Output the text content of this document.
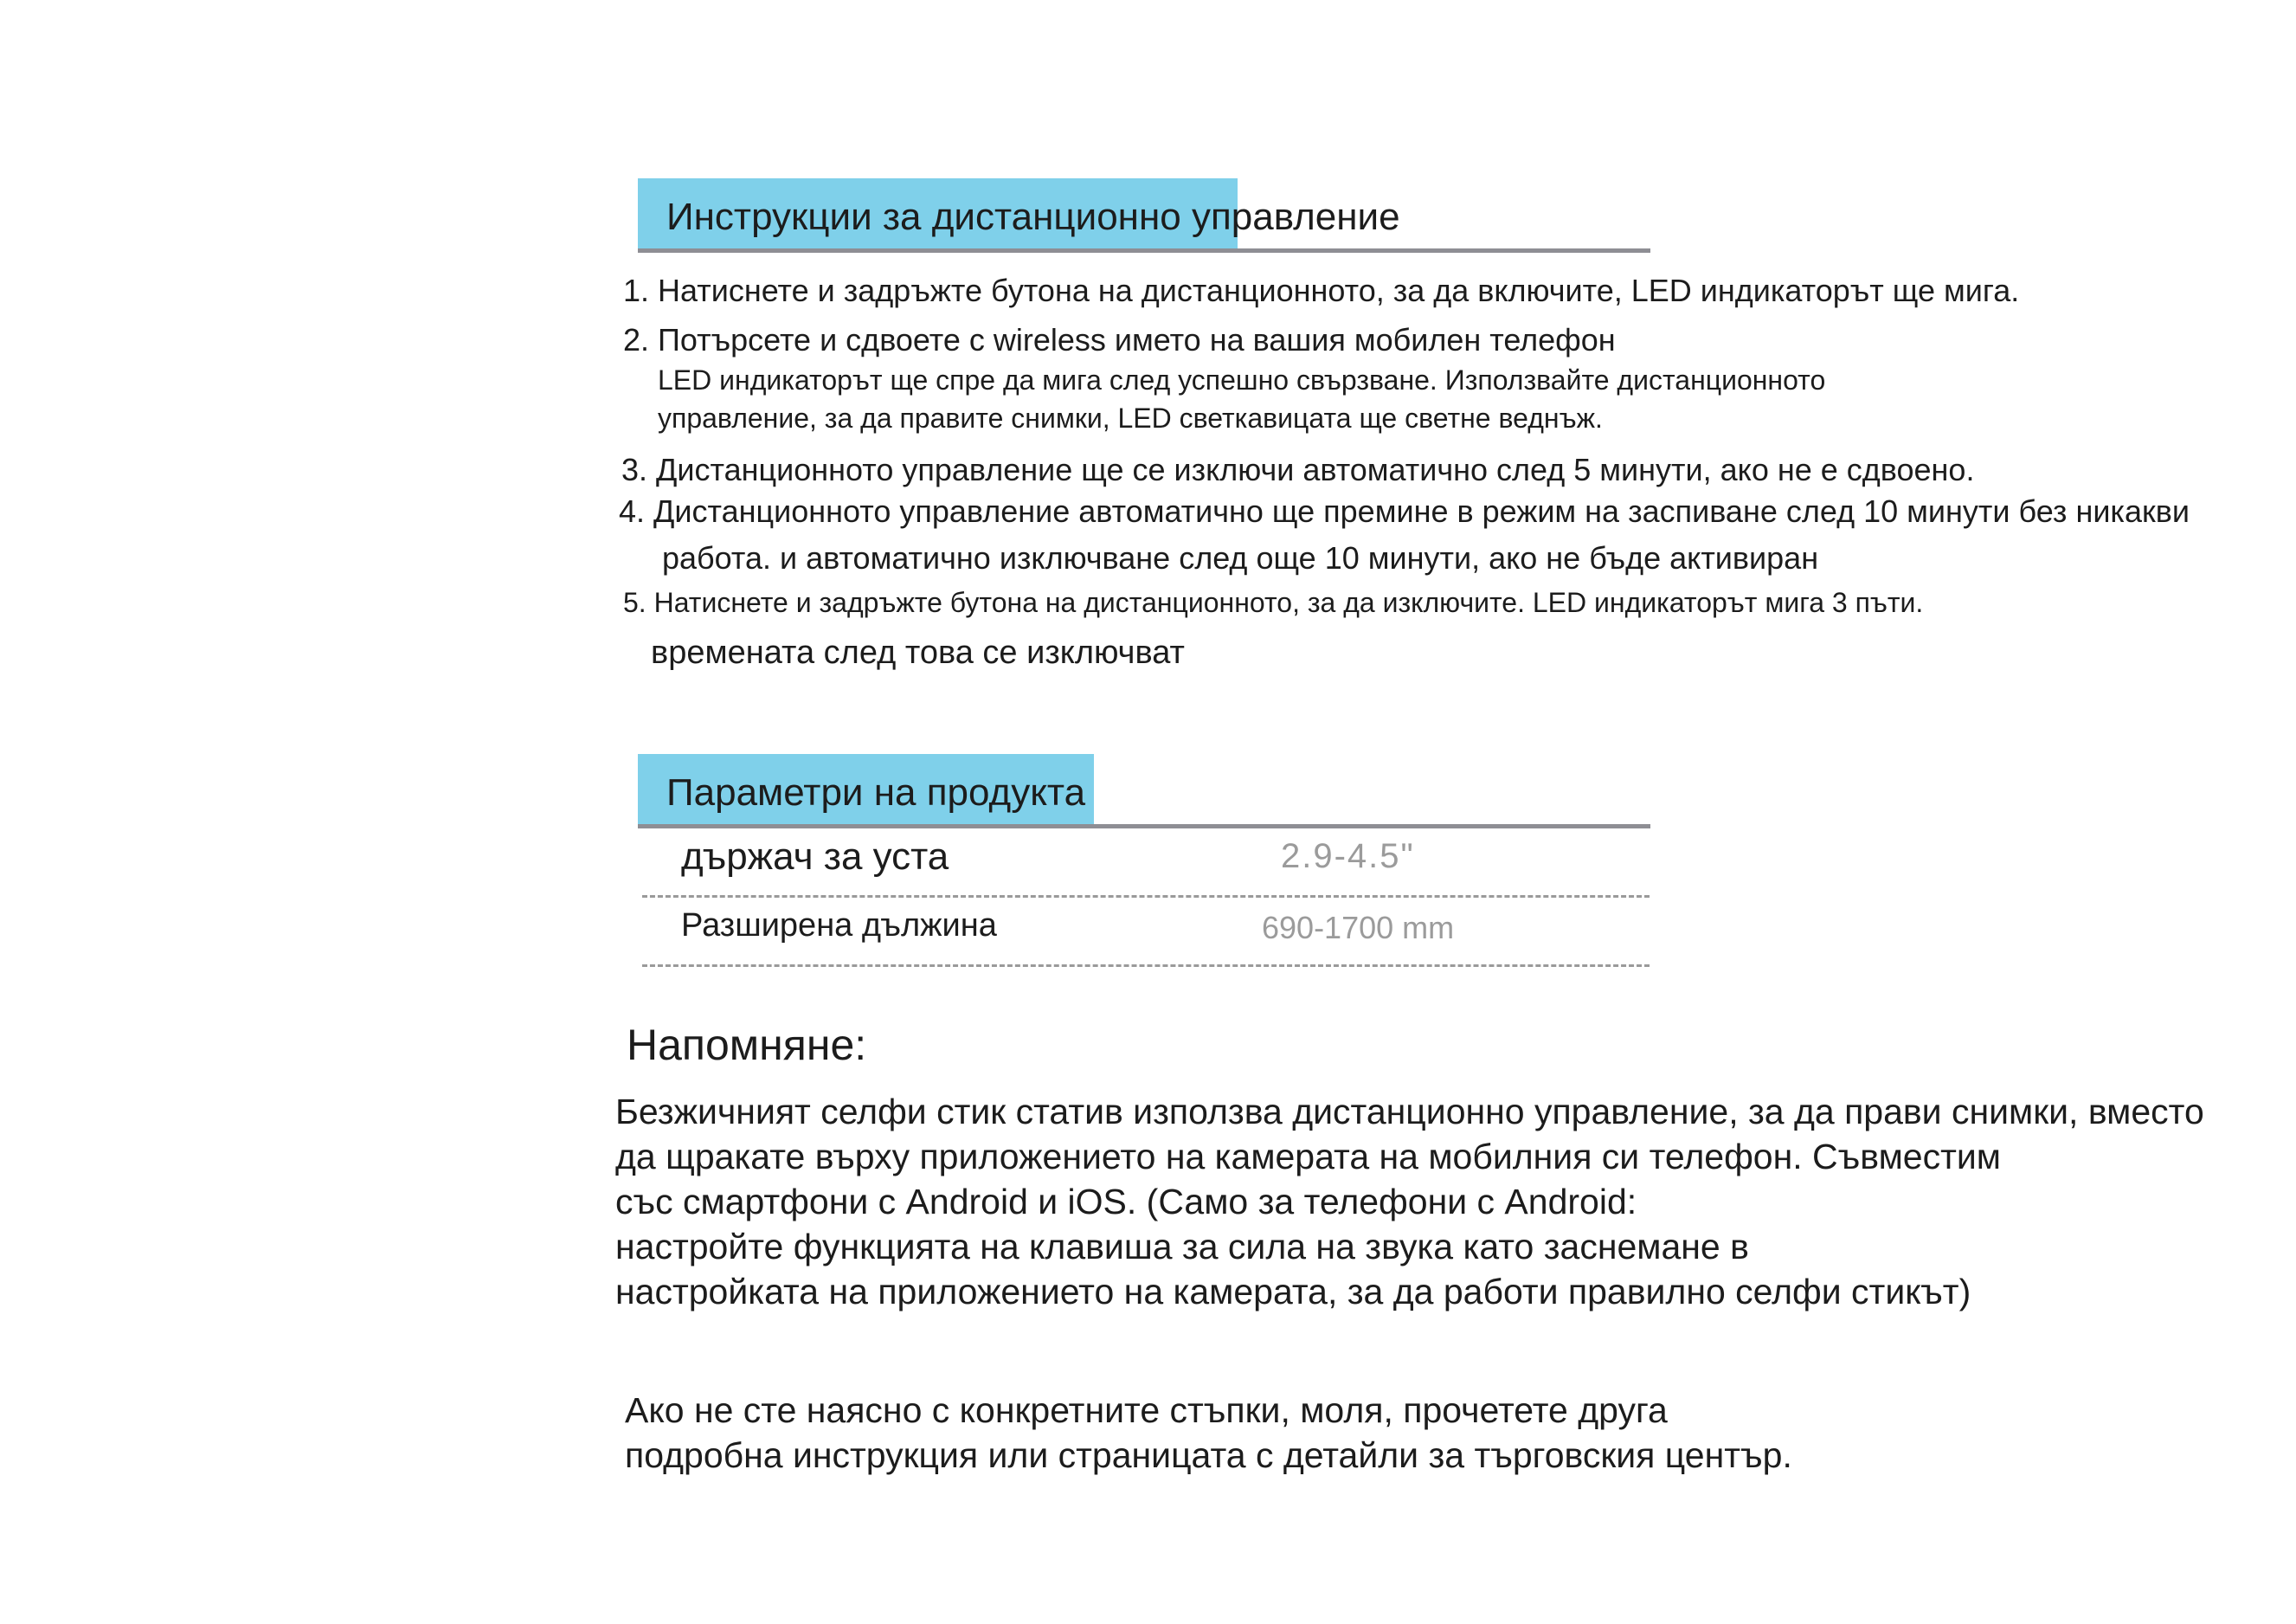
Инструкции за дистанционно управление
1. Натиснете и задръжте бутона на дистанционното, за да включите, LED индикаторът ще мига.
2. Потърсете и сдвоете с wireless името на вашия мобилен телефон
LED индикаторът ще спре да мига след успешно свързване. Използвайте дистанционното
управление, за да правите снимки, LED светкавицата ще светне веднъж.
3. Дистанционното управление ще се изключи автоматично след 5 минути, ако не е сдвоено.
4. Дистанционното управление автоматично ще премине в режим на заспиване след 10 минути без никакви
работа. и автоматично изключване след още 10 минути, ако не бъде активиран
5. Натиснете и задръжте бутона на дистанционното, за да изключите. LED индикаторът мига 3 пъти.
времената след това се изключват
Параметри на продукта
държач за уста	2.9-4.5"
Разширена дължина	690-1700 mm
Напомняне:
Безжичният селфи стик статив използва дистанционно управление, за да прави снимки, вместо
да щракате върху приложението на камерата на мобилния си телефон. Съвместим
със смартфони с Android и iOS. (Само за телефони с Android:
настройте функцията на клавиша за сила на звука като заснемане в
настройката на приложението на камерата, за да работи правилно селфи стикът)
Ако не сте наясно с конкретните стъпки, моля, прочетете друга
подробна инструкция или страницата с детайли за търговския център.
